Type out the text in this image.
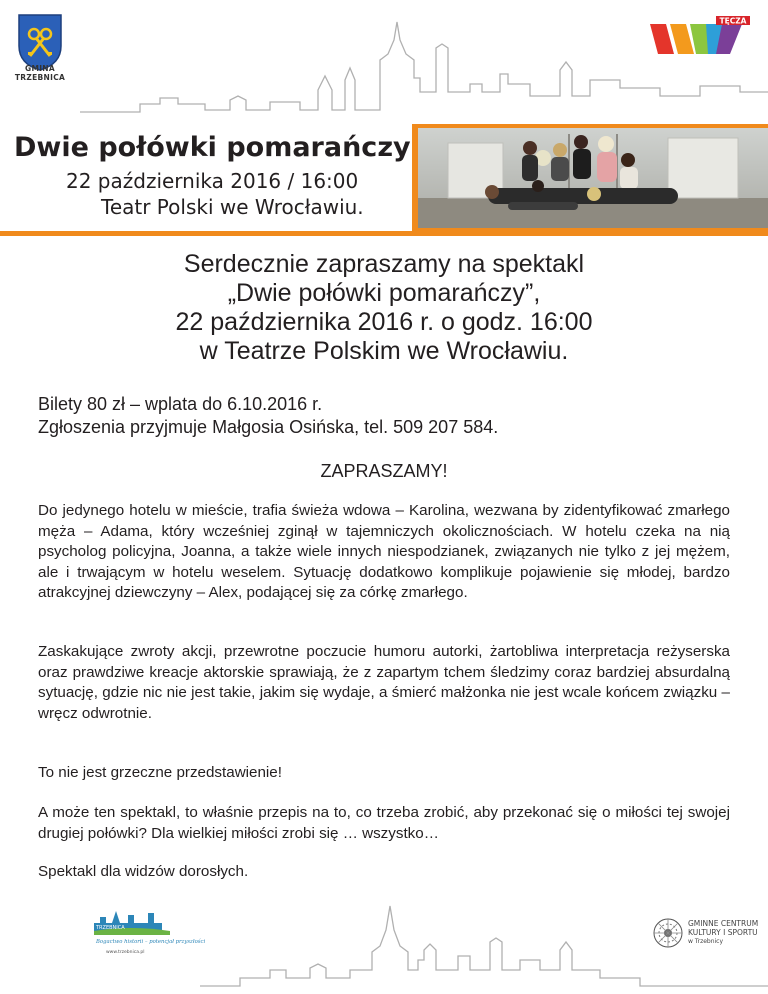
GMINA
TRZEBNICA
TĘCZA
Dwie połówki pomarańczy
22 października 2016 / 16:00
Teatr Polski we Wrocławiu.
Serdecznie zapraszamy na spektakl
„Dwie połówki pomarańczy”,
22 października 2016 r. o godz. 16:00
w Teatrze Polskim we Wrocławiu.
Bilety 80 zł – wplata do 6.10.2016 r.
Zgłoszenia przyjmuje Małgosia Osińska, tel. 509 207 584.
ZAPRASZAMY!
Do jedynego hotelu w mieście, trafia świeża wdowa – Karolina, wezwana by zidentyfikować zmarłego męża – Adama, który wcześniej zginął w tajemniczych okolicznościach. W hotelu czeka na nią psycholog policyjna, Joanna, a także wiele innych niespodzianek, związanych nie tylko z jej mężem, ale i trwającym w hotelu weselem. Sytuację dodatkowo komplikuje pojawienie się młodej, bardzo atrakcyjnej dziewczyny – Alex, podającej się za córkę zmarłego.
Zaskakujące zwroty akcji, przewrotne poczucie humoru autorki, żartobliwa interpretacja reżyserska oraz prawdziwe kreacje aktorskie sprawiają, że z zapartym tchem śledzimy coraz bardziej absurdalną sytuację, gdzie nic nie jest takie, jakim się wydaje, a śmierć małżonka nie jest wcale końcem związku – wręcz odwrotnie.
To nie jest grzeczne przedstawienie!
A może ten spektakl, to właśnie przepis na to, co trzeba zrobić, aby przekonać się o miłości tej swojej drugiej połówki? Dla wielkiej miłości zrobi się … wszystko…
Spektakl dla widzów dorosłych.
TRZEBNICA
Bogactwo historii – potencjał przyszłości
www.trzebnica.pl
GMINNE CENTRUM
KULTURY I SPORTU
w Trzebnicy
